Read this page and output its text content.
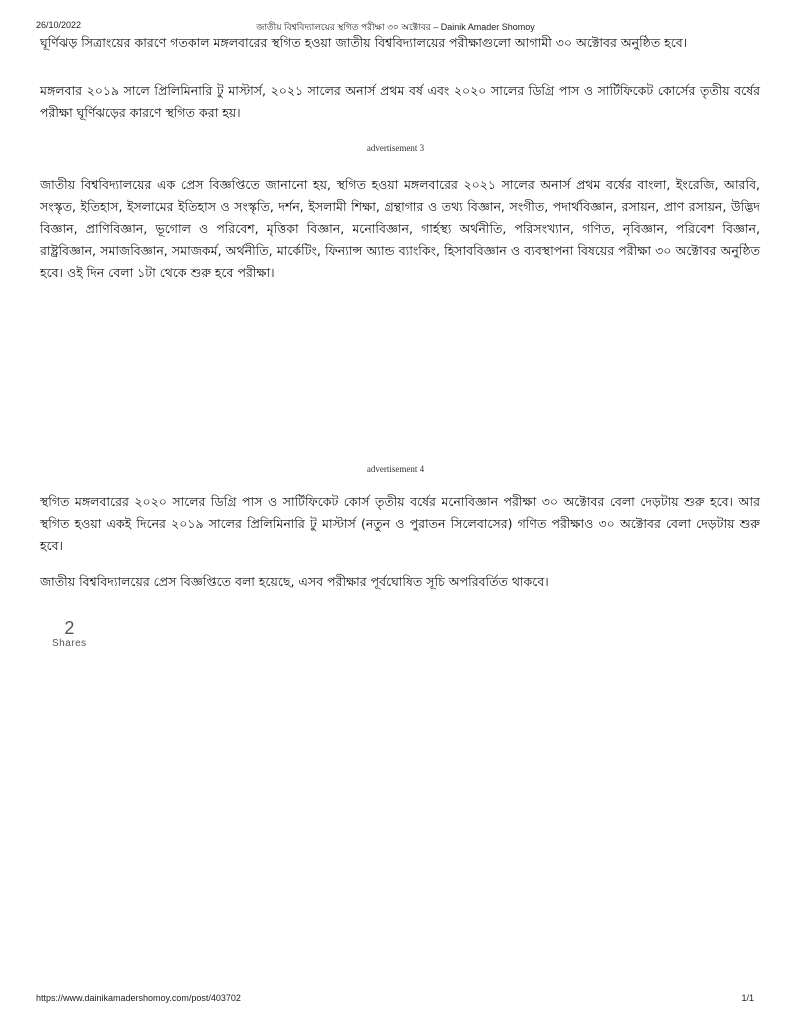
26/10/2022	জাতীয় বিশ্ববিদ্যালয়ের স্থগিত পরীক্ষা ৩০ অক্টোবর – Dainik Amader Shomoy

ঘূর্ণিঝড় সিত্রাংয়ের কারণে গতকাল মঙ্গলবারের স্থগিত হওয়া জাতীয় বিশ্ববিদ্যালয়ের পরীক্ষাগুলো আগামী ৩০ অক্টোবর অনুষ্ঠিত হবে।

মঙ্গলবার ২০১৯ সালে প্রিলিমিনারি টু মাস্টার্স, ২০২১ সালের অনার্স প্রথম বর্ষ এবং ২০২০ সালের ডিগ্রি পাস ও সার্টিফিকেট কোর্সের তৃতীয় বর্ষের পরীক্ষা ঘূর্ণিঝড়ের কারণে স্থগিত করা হয়।

advertisement 3

জাতীয় বিশ্ববিদ্যালয়ের এক প্রেস বিজ্ঞপ্তিতে জানানো হয়, স্থগিত হওয়া মঙ্গলবারের ২০২১ সালের অনার্স প্রথম বর্ষের বাংলা, ইংরেজি, আরবি, সংস্কৃত, ইতিহাস, ইসলামের ইতিহাস ও সংস্কৃতি, দর্শন, ইসলামী শিক্ষা, গ্রন্থাগার ও তথ্য বিজ্ঞান, সংগীত, পদার্থবিজ্ঞান, রসায়ন, প্রাণ রসায়ন, উদ্ভিদ বিজ্ঞান, প্রাণিবিজ্ঞান, ভূগোল ও পরিবেশ, মৃত্তিকা বিজ্ঞান, মনোবিজ্ঞান, গার্হস্থ্য অর্থনীতি, পরিসংখ্যান, গণিত, নৃবিজ্ঞান, পরিবেশ বিজ্ঞান, রাষ্ট্রবিজ্ঞান, সমাজবিজ্ঞান, সমাজকর্ম, অর্থনীতি, মার্কেটিং, ফিন্যান্স অ্যান্ড ব্যাংকিং, হিসাববিজ্ঞান ও ব্যবস্থাপনা বিষয়ের পরীক্ষা ৩০ অক্টোবর অনুষ্ঠিত হবে। ওই দিন বেলা ১টা থেকে শুরু হবে পরীক্ষা।

advertisement 4

স্থগিত মঙ্গলবারের ২০২০ সালের ডিগ্রি পাস ও সার্টিফিকেট কোর্স তৃতীয় বর্ষের মনোবিজ্ঞান পরীক্ষা ৩০ অক্টোবর বেলা দেড়টায় শুরু হবে। আর স্থগিত হওয়া একই দিনের ২০১৯ সালের প্রিলিমিনারি টু মাস্টার্স (নতুন ও পুরাতন সিলেবাসের) গণিত পরীক্ষাও ৩০ অক্টোবর বেলা দেড়টায় শুরু হবে।

জাতীয় বিশ্ববিদ্যালয়ের প্রেস বিজ্ঞপ্তিতে বলা হয়েছে, এসব পরীক্ষার পূর্বঘোষিত সূচি অপরিবর্তিত থাকবে।

2
Shares
https://www.dainikamadershomoy.com/post/403702	1/1
